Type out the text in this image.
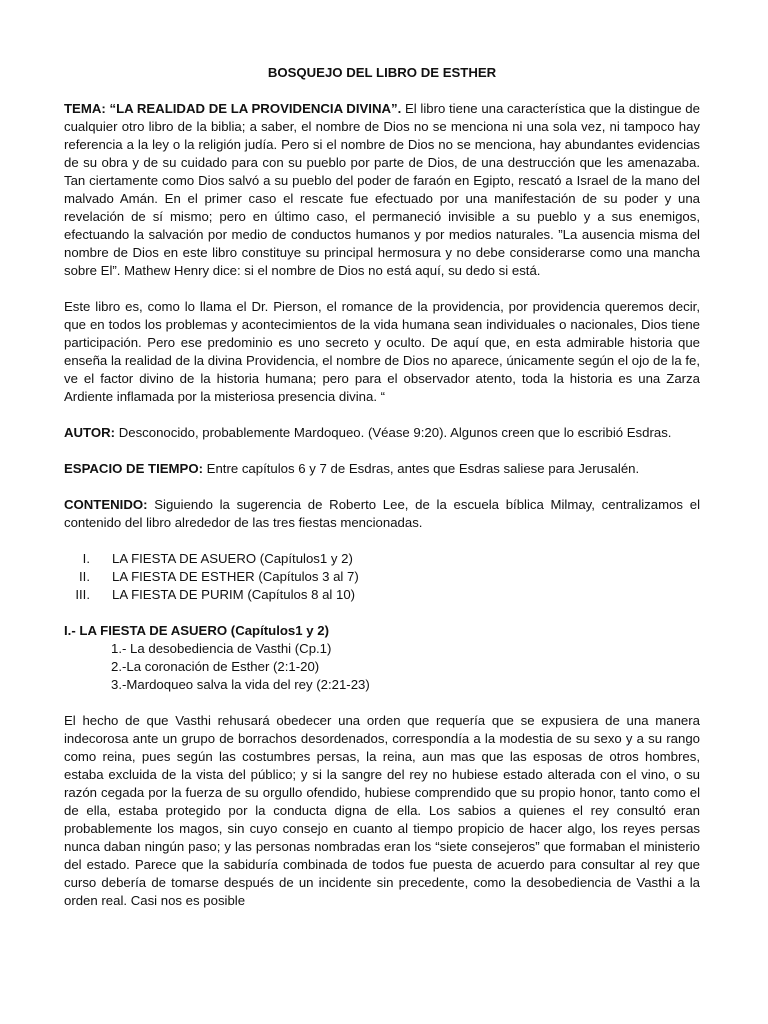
BOSQUEJO DEL LIBRO DE ESTHER

TEMA: “LA REALIDAD DE LA PROVIDENCIA DIVINA”. El libro tiene una característica que la distingue de cualquier otro libro de la biblia; a saber, el nombre de Dios no se menciona ni una sola vez, ni tampoco hay referencia a la ley o la religión judía. Pero si el nombre de Dios no se menciona, hay abundantes evidencias de su obra y de su cuidado para con su pueblo por parte de Dios, de una destrucción que les amenazaba. Tan ciertamente como Dios salvó a su pueblo del poder de faraón en Egipto, rescató a Israel de la mano del malvado Amán. En el primer caso el rescate fue efectuado por una manifestación de su poder y una revelación de sí mismo; pero en último caso, el permaneció invisible a su pueblo y a sus enemigos, efectuando la salvación por medio de conductos humanos y por medios naturales. ”La ausencia misma del nombre de Dios en este libro constituye su principal hermosura y no debe considerarse como una mancha sobre El”. Mathew Henry dice: si el nombre de Dios no está aquí, su dedo si está.

Este libro es, como lo llama el Dr. Pierson, el romance de la providencia, por providencia queremos decir, que en todos los problemas y acontecimientos de la vida humana sean individuales o nacionales, Dios tiene participación. Pero ese predominio es uno secreto y oculto. De aquí que, en esta admirable historia que enseña la realidad de la divina Providencia, el nombre de Dios no aparece, únicamente según el ojo de la fe, ve el factor divino de la historia humana; pero para el observador atento, toda la historia es una Zarza Ardiente inflamada por la misteriosa presencia divina. “

AUTOR: Desconocido, probablemente Mardoqueo. (Véase 9:20). Algunos creen que lo escribió Esdras.

ESPACIO DE TIEMPO: Entre capítulos 6 y 7 de Esdras, antes que Esdras saliese para Jerusalén.

CONTENIDO: Siguiendo la sugerencia de Roberto Lee, de la escuela bíblica Milmay, centralizamos el contenido del libro alrededor de las tres fiestas mencionadas.

I.	LA FIESTA DE ASUERO (Capítulos1 y 2)
II.	LA FIESTA DE ESTHER (Capítulos 3 al 7)
III.	LA FIESTA DE PURIM (Capítulos 8 al 10)
I.- LA FIESTA DE ASUERO (Capítulos1 y 2)
1.- La desobediencia de Vasthi (Cp.1)
2.-La coronación de Esther (2:1-20)
3.-Mardoqueo salva la vida del rey (2:21-23)

El hecho de que Vasthi rehusará obedecer una orden que requería que se expusiera de una manera indecorosa ante un grupo de borrachos desordenados, correspondía a la modestia de su sexo y a su rango como reina, pues según las costumbres persas, la reina, aun mas que las esposas de otros hombres, estaba excluida de la vista del público; y si la sangre del rey no hubiese estado alterada con el vino, o su razón cegada por la fuerza de su orgullo ofendido, hubiese comprendido que su propio honor, tanto como el de ella, estaba protegido por la conducta digna de ella. Los sabios a quienes el rey consultó eran probablemente los magos, sin cuyo consejo en cuanto al tiempo propicio de hacer algo, los reyes persas nunca daban ningún paso; y las personas nombradas eran los “siete consejeros” que formaban el ministerio del estado. Parece que la sabiduría combinada de todos fue puesta de acuerdo para consultar al rey que curso debería de tomarse después de un incidente sin precedente, como la desobediencia de Vasthi a la orden real. Casi nos es posible
